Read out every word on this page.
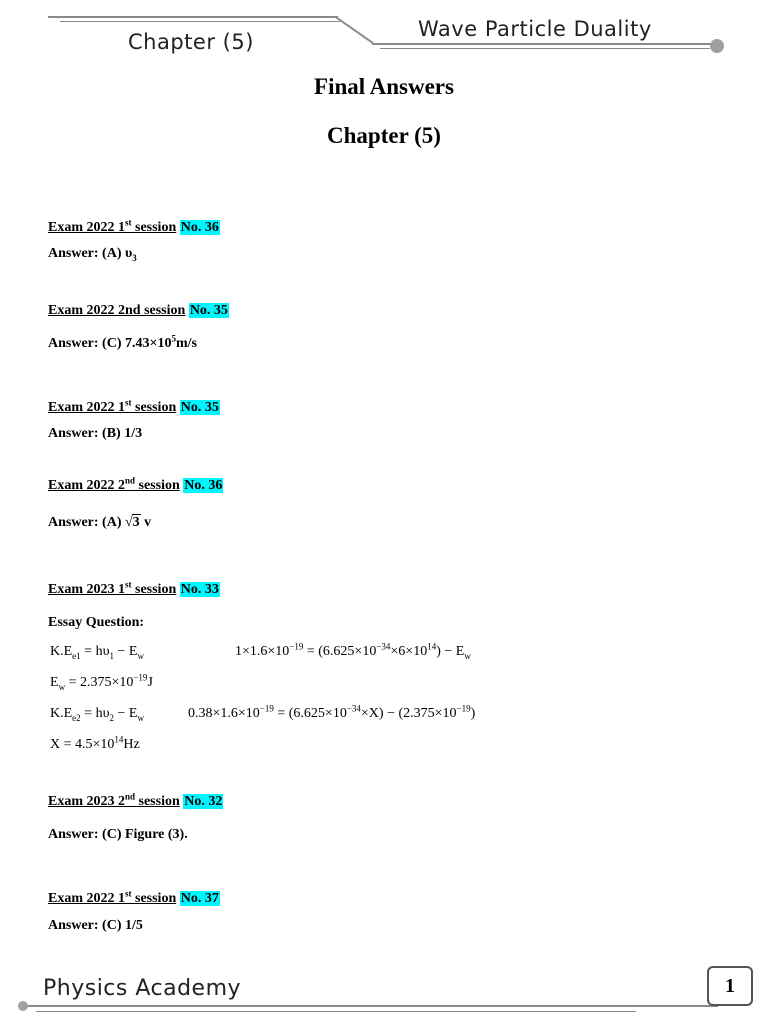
Chapter (5)
Wave Particle Duality
Final Answers
Chapter (5)
Exam 2022 1st session No. 36
Answer: (A) $\upsilon_3$
Exam 2022 2nd session No. 35
Answer: (C) $7.43\times 10^5m/s$
Exam 2022 1st session No. 35
Answer: (B) 1/3
Exam 2022 2nd session No. 36
Answer: (A) √3 v
Exam 2023 1st session No. 33
Essay Question:
$K.E_{e1} = h\upsilon_1 - E_w$	$1\times 1.6\times 10^{-19} = (6.625\times 10^{-34}\times 6\times 10^{14}) - E_w$
$E_w = 2.375\times 10^{-19}J$
$K.E_{e2} = h\upsilon_2 - E_w$	$0.38\times 1.6\times 10^{-19} = (6.625\times 10^{-34}\times X) - (2.375\times 10^{-19})$
$X = 4.5\times 10^{14}Hz$
Exam 2023 2nd session No. 32
Answer: (C) Figure (3).
Exam 2022 1st session No. 37
Answer: (C) 1/5
Physics Academy	1
